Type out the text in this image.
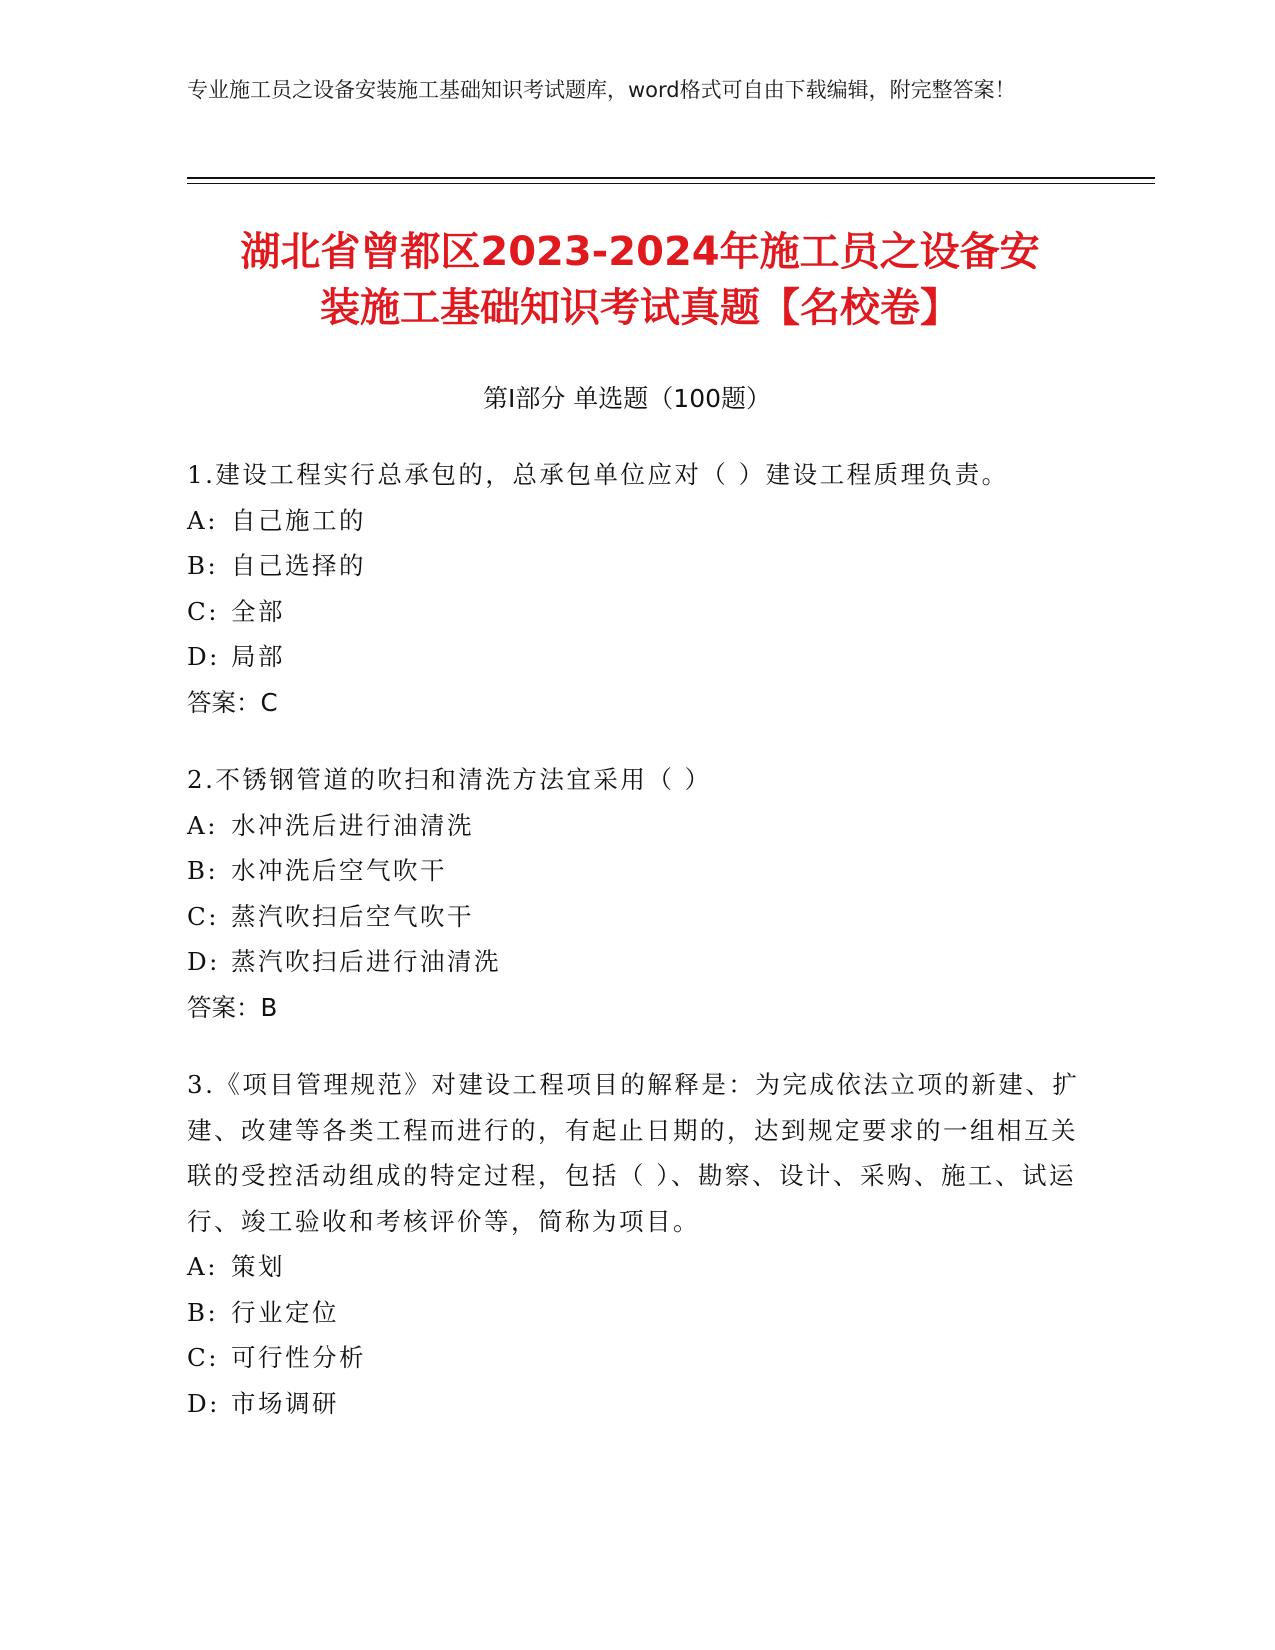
专业施工员之设备安装施工基础知识考试题库，word格式可自由下载编辑，附完整答案！
湖北省曾都区2023-2024年施工员之设备安
装施工基础知识考试真题【名校卷】
第Ⅰ部分 单选题（100题）

1.建设工程实行总承包的，总承包单位应对（ ）建设工程质理负责。

A: 自己施工的
B: 自己选择的
C: 全部
D: 局部

答案：C

2.不锈钢管道的吹扫和清洗方法宜采用（ ）

A: 水冲洗后进行油清洗
B: 水冲洗后空气吹干
C: 蒸汽吹扫后空气吹干
D: 蒸汽吹扫后进行油清洗

答案：B

3.《项目管理规范》对建设工程项目的解释是：为完成依法立项的新建、扩建、改建等各类工程而进行的，有起止日期的，达到规定要求的一组相互关联的受控活动组成的特定过程，包括（ ）、勘察、设计、采购、施工、试运行、竣工验收和考核评价等，简称为项目。

A: 策划
B: 行业定位
C: 可行性分析
D: 市场调研
